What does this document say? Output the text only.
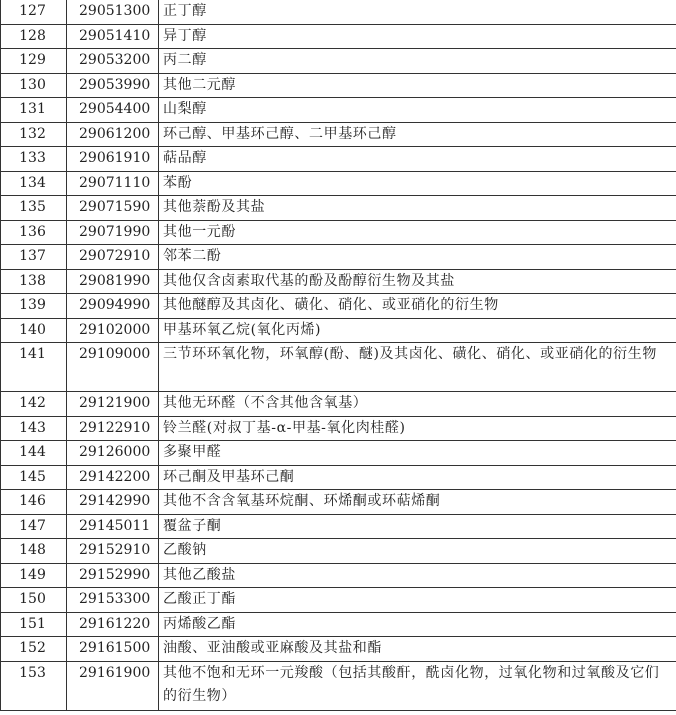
127	29051300	正丁醇
128	29051410	异丁醇
129	29053200	丙二醇
130	29053990	其他二元醇
131	29054400	山梨醇
132	29061200	环己醇、甲基环己醇、二甲基环己醇
133	29061910	萜品醇
134	29071110	苯酚
135	29071590	其他萘酚及其盐
136	29071990	其他一元酚
137	29072910	邻苯二酚
138	29081990	其他仅含卤素取代基的酚及酚醇衍生物及其盐
139	29094990	其他醚醇及其卤化、磺化、硝化、或亚硝化的衍生物
140	29102000	甲基环氧乙烷(氧化丙烯)
141	29109000	三节环环氧化物，环氧醇(酚、醚)及其卤化、磺化、硝化、或亚硝化的衍生物
142	29121900	其他无环醛（不含其他含氧基）
143	29122910	铃兰醛(对叔丁基-α-甲基-氧化肉桂醛)
144	29126000	多聚甲醛
145	29142200	环己酮及甲基环己酮
146	29142990	其他不含含氧基环烷酮、环烯酮或环萜烯酮
147	29145011	覆盆子酮
148	29152910	乙酸钠
149	29152990	其他乙酸盐
150	29153300	乙酸正丁酯
151	29161220	丙烯酸乙酯
152	29161500	油酸、亚油酸或亚麻酸及其盐和酯
153	29161900	其他不饱和无环一元羧酸（包括其酸酐，酰卤化物，过氧化物和过氧酸及它们的衍生物）
